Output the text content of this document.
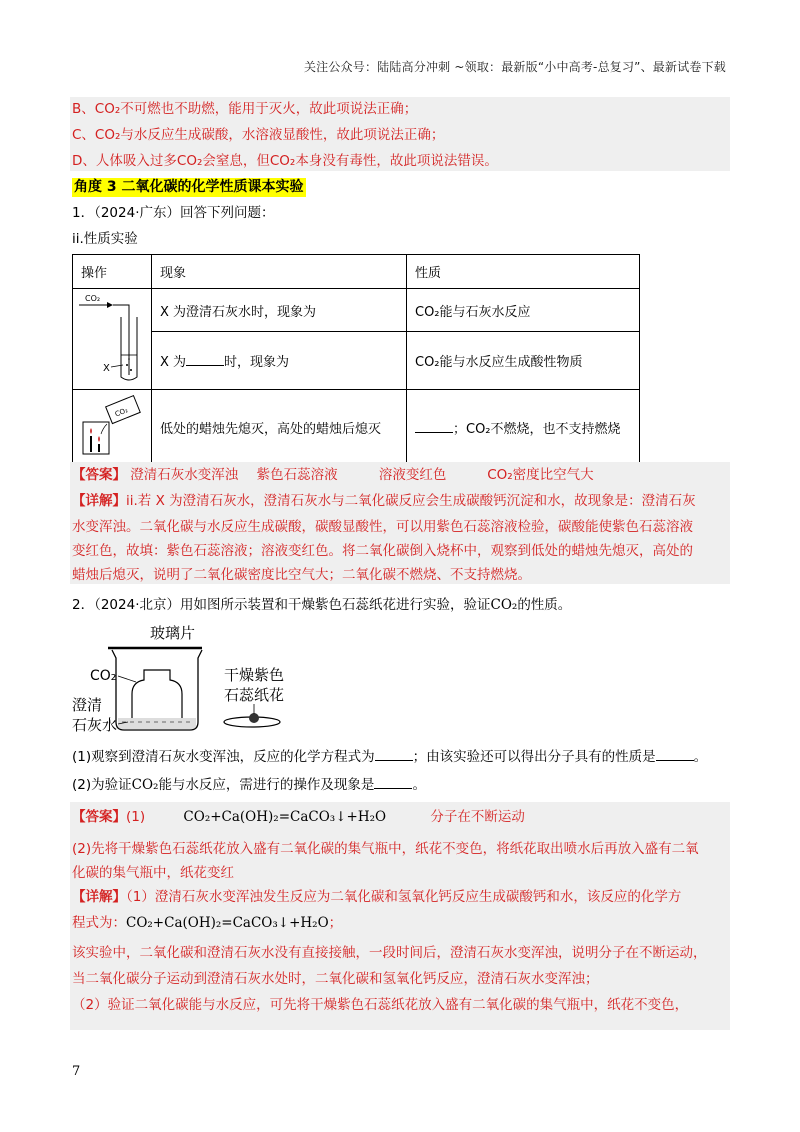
关注公众号：陆陆高分冲刺 ~领取：最新版“小中高考-总复习”、最新试卷下载
B、CO₂不可燃也不助燃，能用于灭火，故此项说法正确；
C、CO₂与水反应生成碳酸，水溶液显酸性，故此项说法正确；
D、人体吸入过多CO₂会窒息，但CO₂本身没有毒性，故此项说法错误。
角度 3 二氧化碳的化学性质课本实验
1．（2024·广东）回答下列问题：
ii.性质实验
操作	现象	性质

CO₂
X	X 为澄清石灰水时，现象为	CO₂能与石灰水反应
	X 为 时，现象为	CO₂能与水反应生成酸性物质

CO₂	低处的蜡烛先熄灭，高处的蜡烛后熄灭	；CO₂不燃烧，也不支持燃烧
【答案】 澄清石灰水变浑浊 紫色石蕊溶液	溶液变红色	CO₂密度比空气大
【详解】ii.若 X 为澄清石灰水，澄清石灰水与二氧化碳反应会生成碳酸钙沉淀和水，故现象是：澄清石灰
水变浑浊。二氧化碳与水反应生成碳酸，碳酸显酸性，可以用紫色石蕊溶液检验，碳酸能使紫色石蕊溶液
变红色，故填：紫色石蕊溶液；溶液变红色。将二氧化碳倒入烧杯中，观察到低处的蜡烛先熄灭，高处的
蜡烛后熄灭，说明了二氧化碳密度比空气大；二氧化碳不燃烧、不支持燃烧。
2．（2024·北京）用如图所示装置和干燥紫色石蕊纸花进行实验，验证CO₂的性质。
玻璃片
CO₂
澄清
石灰水
干燥紫色
石蕊纸花
(1)观察到澄清石灰水变浑浊，反应的化学方程式为	；由该实验还可以得出分子具有的性质是	。
(2)为验证CO₂能与水反应，需进行的操作及现象是	。
【答案】(1)	CO₂+Ca(OH)₂=CaCO₃↓+H₂O	分子在不断运动
(2)先将干燥紫色石蕊纸花放入盛有二氧化碳的集气瓶中，纸花不变色，将纸花取出喷水后再放入盛有二氧
化碳的集气瓶中，纸花变红
【详解】（1）澄清石灰水变浑浊发生反应为二氧化碳和氢氧化钙反应生成碳酸钙和水，该反应的化学方
程式为：CO₂+Ca(OH)₂=CaCO₃↓+H₂O；
该实验中，二氧化碳和澄清石灰水没有直接接触，一段时间后，澄清石灰水变浑浊，说明分子在不断运动，
当二氧化碳分子运动到澄清石灰水处时，二氧化碳和氢氧化钙反应，澄清石灰水变浑浊；
（2）验证二氧化碳能与水反应，可先将干燥紫色石蕊纸花放入盛有二氧化碳的集气瓶中，纸花不变色，
7
